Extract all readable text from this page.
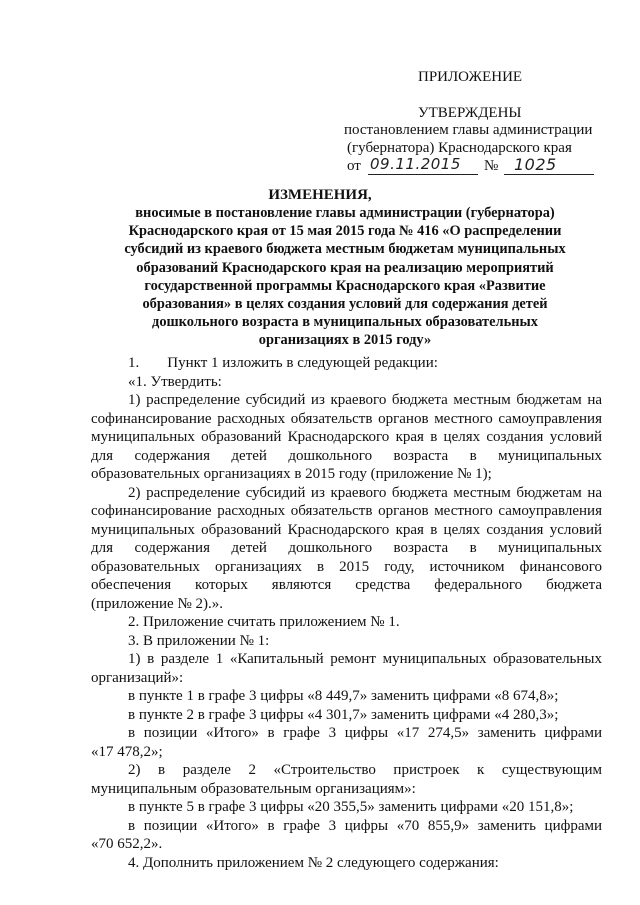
ПРИЛОЖЕНИЕ
УТВЕРЖДЕНЫ
постановлением главы администрации
(губернатора) Краснодарского края
от 09.11.2015 № 1025
ИЗМЕНЕНИЯ,
вносимые в постановление главы администрации (губернатора)
Краснодарского края от 15 мая 2015 года № 416 «О распределении
субсидий из краевого бюджета местным бюджетам муниципальных
образований Краснодарского края на реализацию мероприятий
государственной программы Краснодарского края «Развитие
образования» в целях создания условий для содержания детей
дошкольного возраста в муниципальных образовательных
организациях в 2015 году»

1. Пункт 1 изложить в следующей редакции:

«1. Утвердить:

1) распределение субсидий из краевого бюджета местным бюджетам на

софинансирование расходных обязательств органов местного самоуправления

муниципальных образований Краснодарского края в целях создания условий

для содержания детей дошкольного возраста в муниципальных

образовательных организациях в 2015 году (приложение № 1);

2) распределение субсидий из краевого бюджета местным бюджетам на

софинансирование расходных обязательств органов местного самоуправления

муниципальных образований Краснодарского края в целях создания условий

для содержания детей дошкольного возраста в муниципальных

образовательных организациях в 2015 году, источником финансового

обеспечения которых являются средства федерального бюджета

(приложение № 2).».

2. Приложение считать приложением № 1.

3. В приложении № 1:

1) в разделе 1 «Капитальный ремонт муниципальных образовательных

организаций»:

в пункте 1 в графе 3 цифры «8 449,7» заменить цифрами «8 674,8»;

в пункте 2 в графе 3 цифры «4 301,7» заменить цифрами «4 280,3»;

в позиции «Итого» в графе 3 цифры «17 274,5» заменить цифрами

«17 478,2»;

2) в разделе 2 «Строительство пристроек к существующим

муниципальным образовательным организациям»:

в пункте 5 в графе 3 цифры «20 355,5» заменить цифрами «20 151,8»;

в позиции «Итого» в графе 3 цифры «70 855,9» заменить цифрами

«70 652,2».

4. Дополнить приложением № 2 следующего содержания:
